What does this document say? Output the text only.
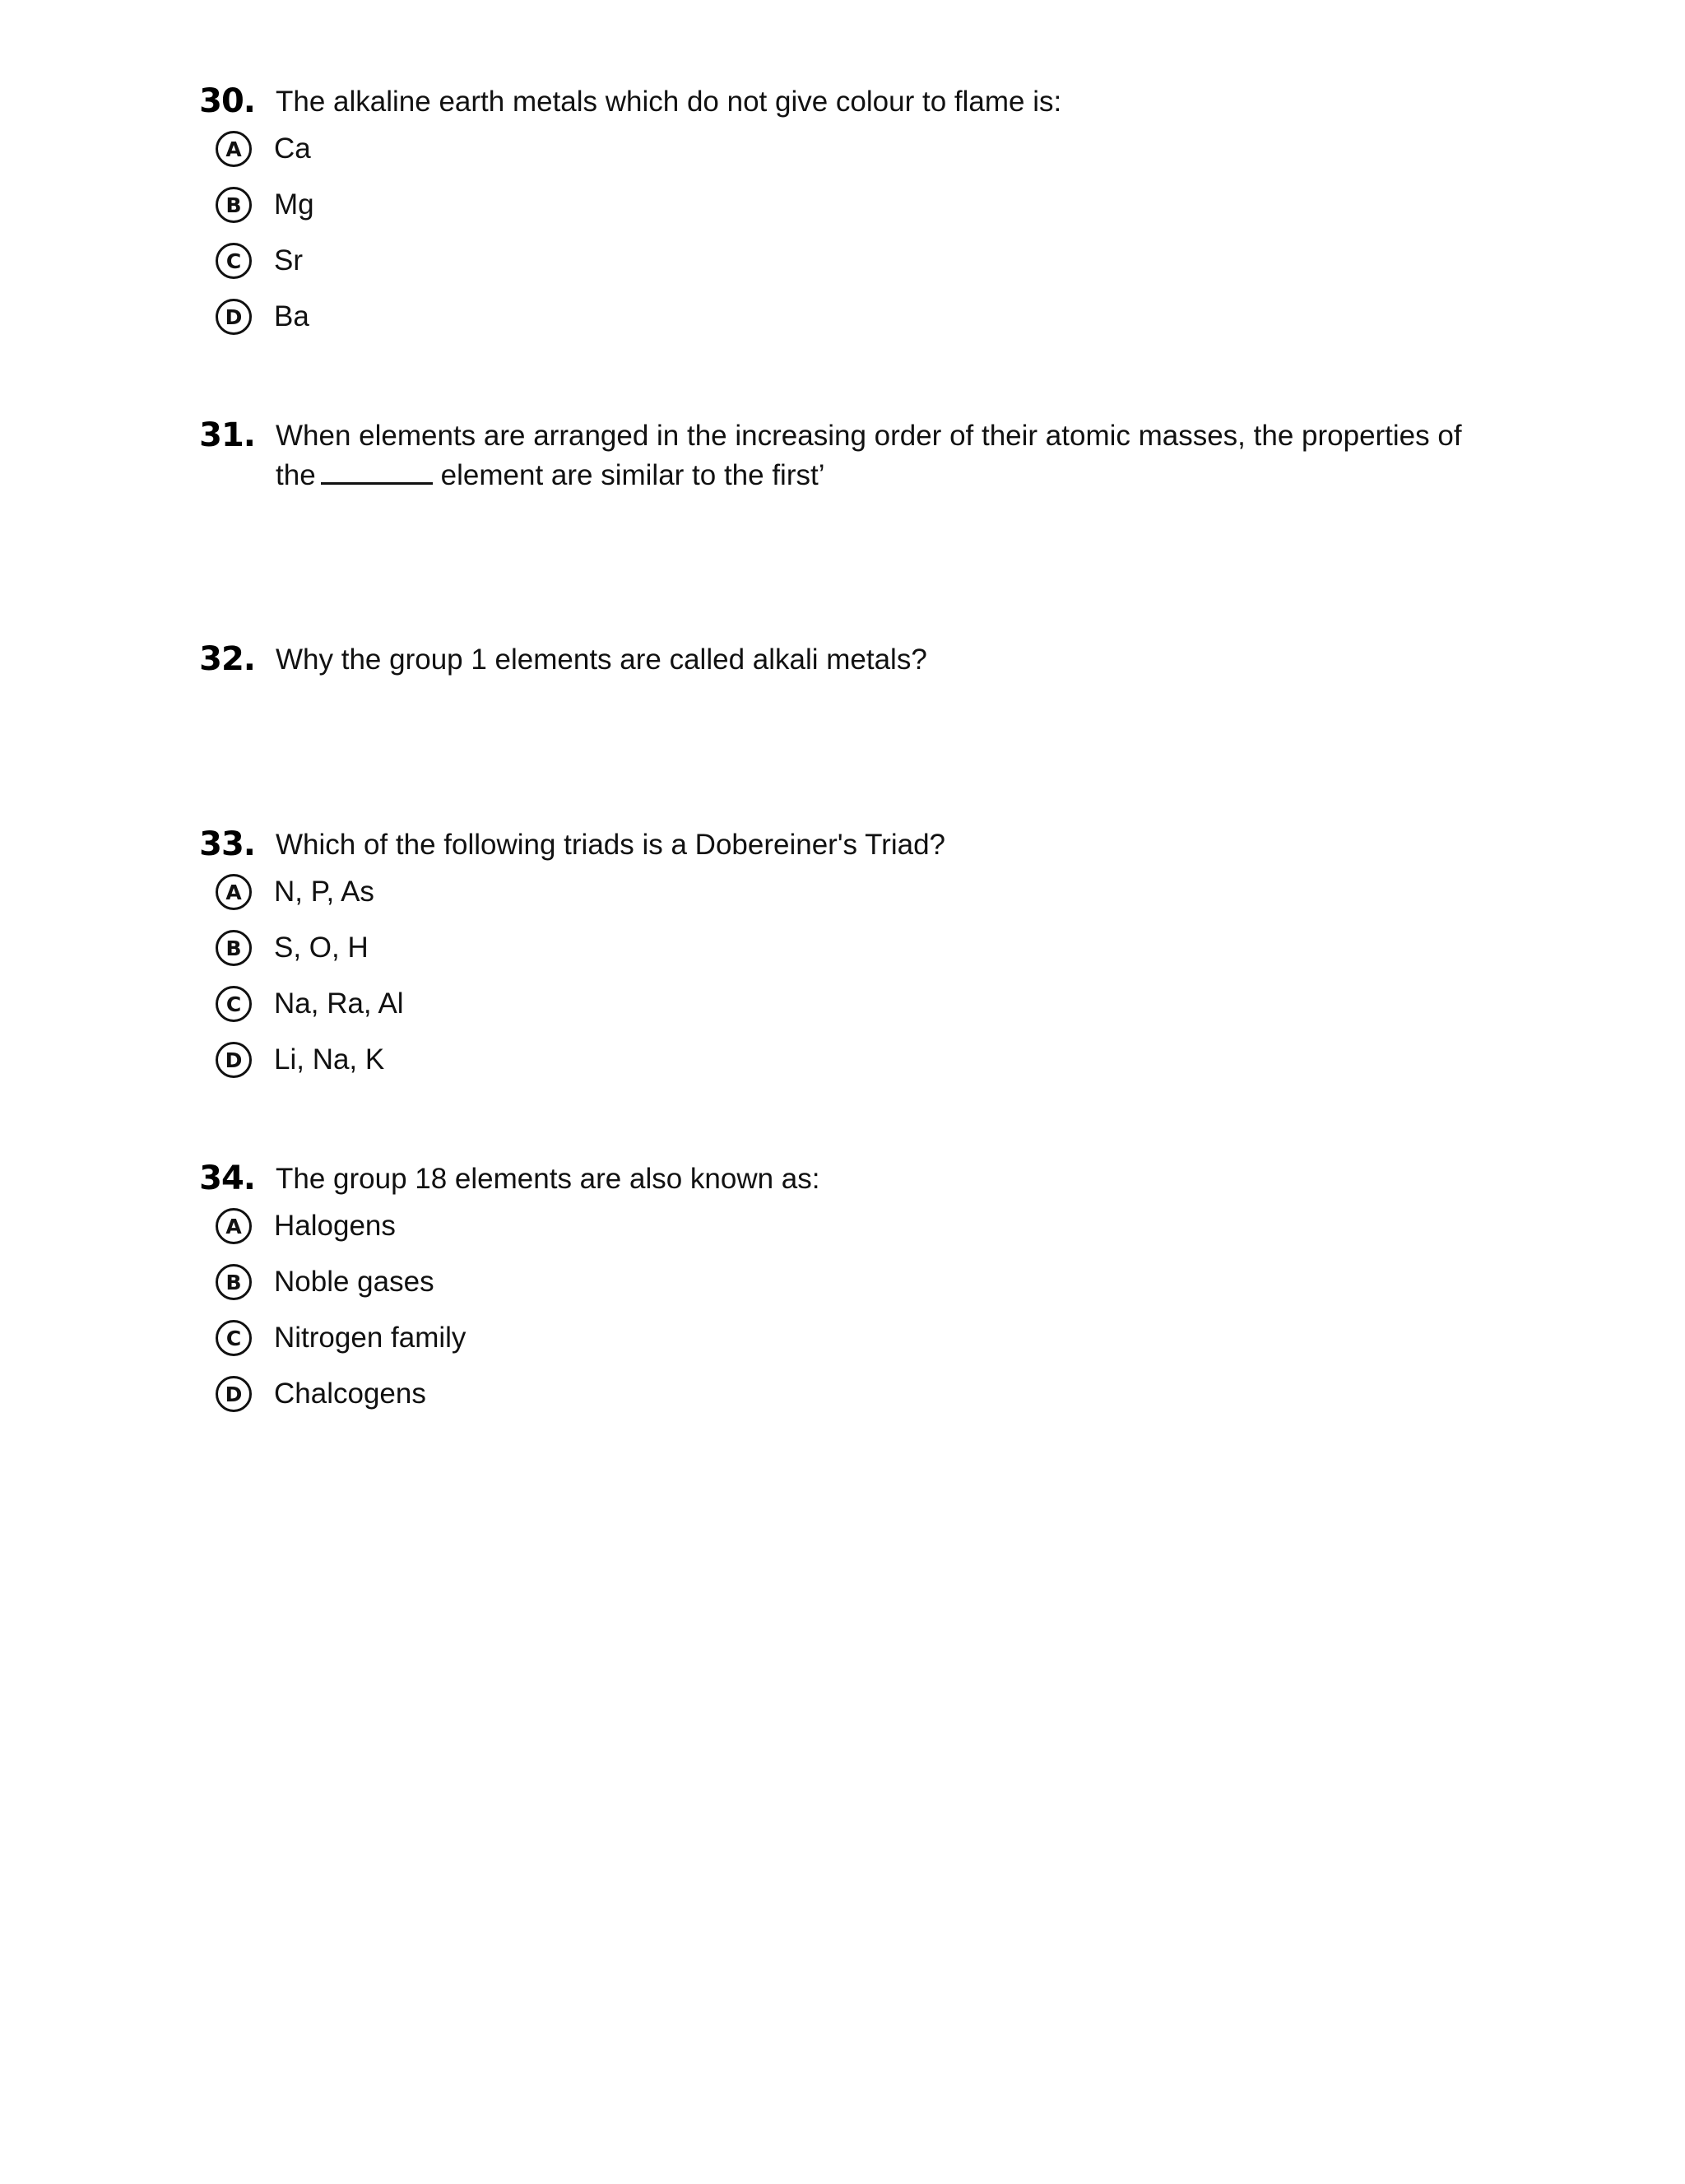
30. The alkaline earth metals which do not give colour to flame is:
A	Ca
B	Mg
C	Sr
D	Ba
31. When elements are arranged in the increasing order of their atomic masses, the properties of the	element are similar to the first’
32. Why the group 1 elements are called alkali metals?
33. Which of the following triads is a Dobereiner's Triad?
A	N, P, As
B	S, O, H
C	Na, Ra, Al
D	Li, Na, K
34. The group 18 elements are also known as:
A	Halogens
B	Noble gases
C	Nitrogen family
D	Chalcogens
